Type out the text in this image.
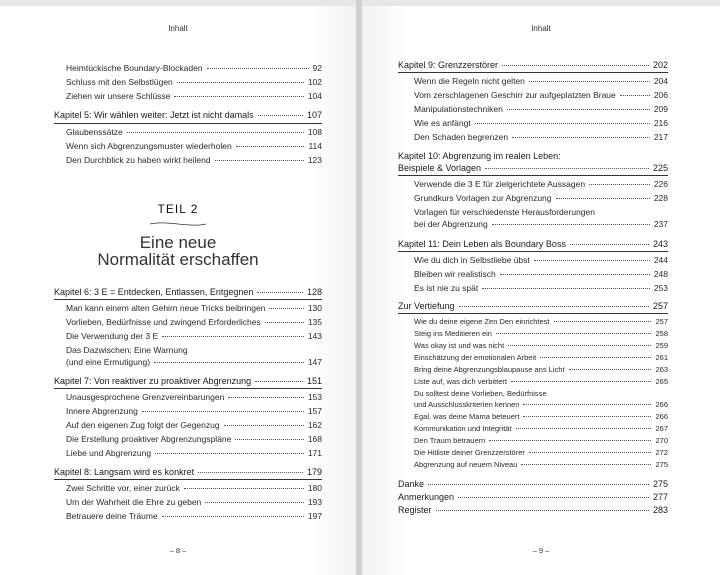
Inhalt
Heimtückische Boundary-Blockaden	92
Schluss mit den Selbstlügen	102
Ziehen wir unsere Schlüsse	104
Kapitel 5: Wir wählen weiter: Jetzt ist nicht damals	107
Glaubenssätze	108
Wenn sich Abgrenzungsmuster wiederholen	114
Den Durchblick zu haben wirkt heilend	123
TEIL 2
Eine neue
Normalität erschaffen
Kapitel 6: 3 E = Entdecken, Entlassen, Entgegnen	128
Man kann einem alten Gehirn neue Tricks beibringen	130
Vorlieben, Bedürfnisse und zwingend Erforderliches	135
Die Verwendung der 3 E	143
Das Dazwischen: Eine Warnung
(und eine Ermutigung)	147
Kapitel 7: Von reaktiver zu proaktiver Abgrenzung	151
Unausgesprochene Grenzvereinbarungen	153
Innere Abgrenzung	157
Auf den eigenen Zug folgt der Gegenzug	162
Die Erstellung proaktiver Abgrenzungspläne	168
Liebe und Abgrenzung	171
Kapitel 8: Langsam wird es konkret	179
Zwei Schritte vor, einer zurück	180
Um der Wahrheit die Ehre zu geben	193
Betrauere deine Träume	197
– 8 –
Inhalt
Kapitel 9: Grenzzerstörer	202
Wenn die Regeln nicht gelten	204
Vom zerschlagenen Geschirr zur aufgeplatzten Braue	206
Manipulationstechniken	209
Wie es anfängt	216
Den Schaden begrenzen	217
Kapitel 10: Abgrenzung im realen Leben:
Beispiele & Vorlagen	225
Verwende die 3 E für zielgerichtete Aussagen	226
Grundkurs Vorlagen zur Abgrenzung	228
Vorlagen für verschiedenste Herausforderungen
bei der Abgrenzung	237
Kapitel 11: Dein Leben als Boundary Boss	243
Wie du dich in Selbstliebe übst	244
Bleiben wir realistisch	248
Es ist nie zu spät	253
Zur Vertiefung	257
Wie du deine eigene Zen Den einrichtest	257
Steig ins Meditieren ein	258
Was okay ist und was nicht	259
Einschätzung der emotionalen Arbeit	261
Bring deine Abgrenzungsblaupause ans Licht	263
Liste auf, was dich verbittert	265
Du solltest deine Vorlieben, Bedürfnisse
und Ausschlusskriterien kennen	266
Egal, was deine Mama beteuert	266
Kommunikation und Integrität	267
Den Traum betrauern	270
Die Hitliste deiner Grenzzerstörer	272
Abgrenzung auf neuem Niveau	275
Danke	275
Anmerkungen	277
Register	283
– 9 –
